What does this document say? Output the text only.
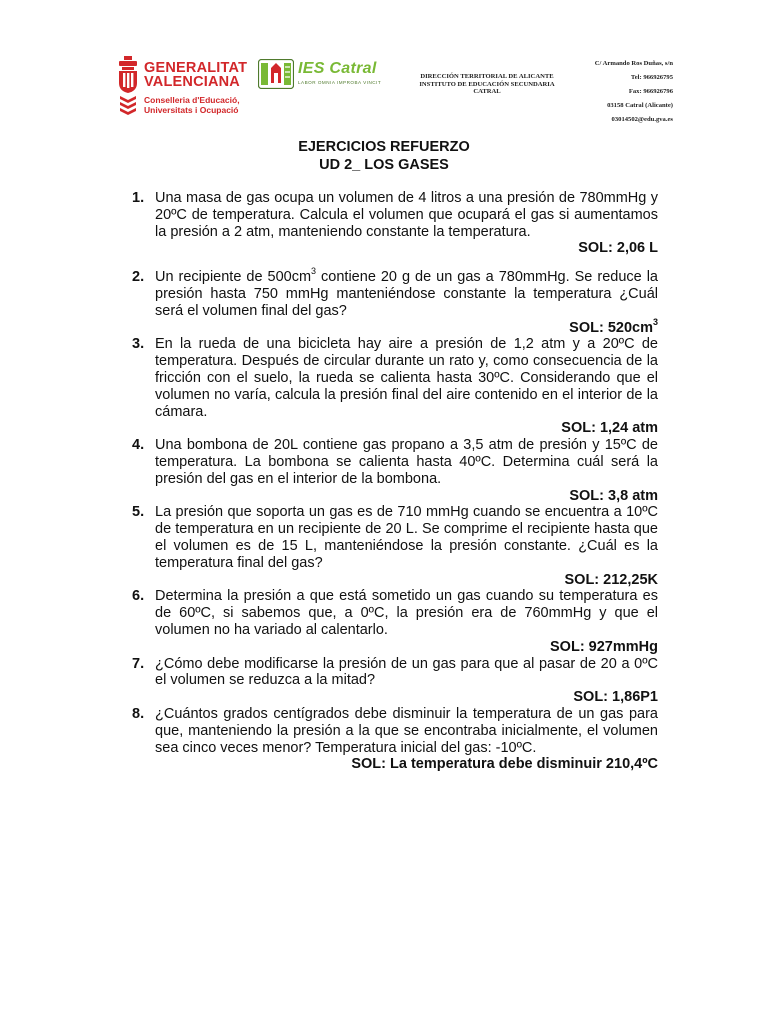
GENERALITAT
VALENCIANA
Conselleria d'Educació,
Universitats i Ocupació
IES Catral
LABOR OMNIA IMPROBA VINCIT
DIRECCIÓN TERRITORIAL DE ALICANTE
INSTITUTO DE EDUCACIÓN SECUNDARIA
CATRAL
C/ Armando Ros Duñas, s/n
Tel: 966926795
Fax: 966926796
03158 Catral (Alicante)
03014502@edu.gva.es
EJERCICIOS REFUERZO
UD 2_ LOS GASES
1. Una masa de gas ocupa un volumen de 4 litros a una presión de 780mmHg y 20ºC de temperatura. Calcula el volumen que ocupará el gas si aumentamos la presión a 2 atm, manteniendo constante la temperatura.
SOL: 2,06 L
2. Un recipiente de $500cm^3$ contiene 20 g de un gas a 780mmHg. Se reduce la presión hasta 750 mmHg manteniéndose constante la temperatura ¿Cuál será el volumen final del gas?
SOL: $520cm^3$
3. En la rueda de una bicicleta hay aire a presión de 1,2 atm y a 20ºC de temperatura. Después de circular durante un rato y, como consecuencia de la fricción con el suelo, la rueda se calienta hasta 30ºC. Considerando que el volumen no varía, calcula la presión final del aire contenido en el interior de la cámara.
SOL: 1,24 atm
4. Una bombona de 20L contiene gas propano a 3,5 atm de presión y 15ºC de temperatura. La bombona se calienta hasta 40ºC. Determina cuál será la presión del gas en el interior de la bombona.
SOL: 3,8 atm
5. La presión que soporta un gas es de 710 mmHg cuando se encuentra a 10ºC de temperatura en un recipiente de 20 L. Se comprime el recipiente hasta que el volumen es de 15 L, manteniéndose la presión constante. ¿Cuál es la temperatura final del gas?
SOL: 212,25K
6. Determina la presión a que está sometido un gas cuando su temperatura es de 60ºC, si sabemos que, a 0ºC, la presión era de 760mmHg y que el volumen no ha variado al calentarlo.
SOL: 927mmHg
7. ¿Cómo debe modificarse la presión de un gas para que al pasar de 20 a 0ºC el volumen se reduzca a la mitad?
SOL: 1,86P1
8. ¿Cuántos grados centígrados debe disminuir la temperatura de un gas para que, manteniendo la presión a la que se encontraba inicialmente, el volumen sea cinco veces menor? Temperatura inicial del gas: -10ºC.
SOL: La temperatura debe disminuir 210,4ºC
